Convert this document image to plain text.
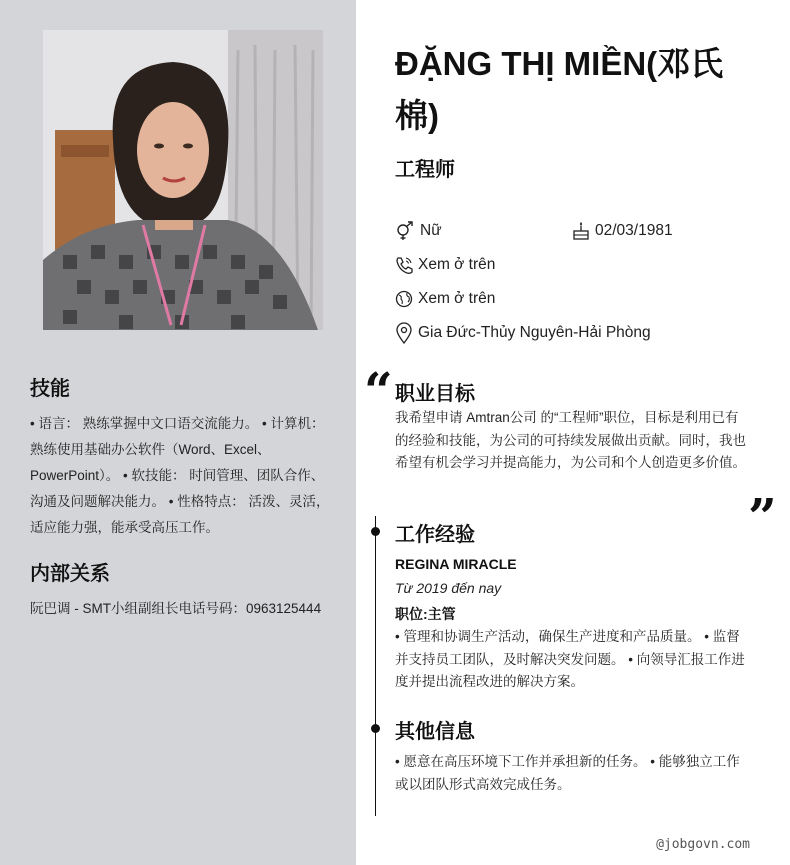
技能
• 语言： 熟练掌握中文口语交流能力。 • 计算机： 熟练使用基础办公软件（Word、Excel、PowerPoint）。 • 软技能： 时间管理、团队合作、沟通及问题解决能力。 • 性格特点： 活泼、灵活，适应能力强，能承受高压工作。
内部关系
阮巴调 - SMT小组副组长电话号码：0963125444
ĐẶNG THỊ MIỀN(邓氏棉)
工程师
Nữ	02/03/1981
Xem ở trên
Xem ở trên
Gia Đức-Thủy Nguyên-Hải Phòng
“ 职业目标
我希望申请 Amtran公司 的“工程师”职位，目标是利用已有的经验和技能，为公司的可持续发展做出贡献。同时，我也希望有机会学习并提高能力，为公司和个人创造更多价值。
”
工作经验
REGINA MIRACLE
Từ 2019 đến nay
职位:主管
• 管理和协调生产活动，确保生产进度和产品质量。 • 监督并支持员工团队，及时解决突发问题。 • 向领导汇报工作进度并提出流程改进的解决方案。
其他信息
• 愿意在高压环境下工作并承担新的任务。 • 能够独立工作或以团队形式高效完成任务。
@jobgovn.com
